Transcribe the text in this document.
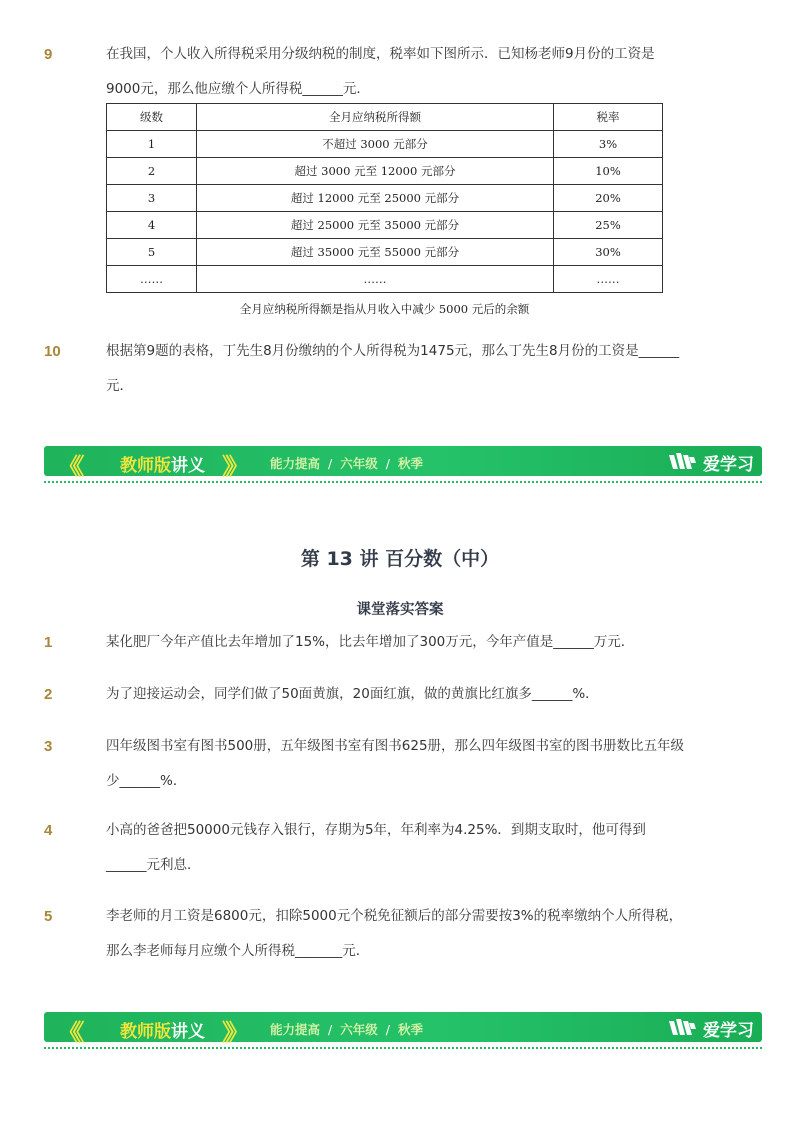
9	在我国，个人收入所得税采用分级纳税的制度，税率如下图所示．已知杨老师9月份的工资是

9000元，那么他应缴个人所得税______元．

级数	全月应纳税所得额	税率
1	不超过 3000 元部分	3%
2	超过 3000 元至 12000 元部分	10%
3	超过 12000 元至 25000 元部分	20%
4	超过 25000 元至 35000 元部分	25%
5	超过 35000 元至 55000 元部分	30%
……	……	……
全月应纳税所得额是指从月收入中减少 5000 元后的余额
10	根据第9题的表格，丁先生8月份缴纳的个人所得税为1475元，那么丁先生8月份的工资是______

元．

《《	教师版讲义 》》 能力提高 / 六年级 / 秋季	爱学习
第 13 讲 百分数（中）
课堂落实答案
1	某化肥厂今年产值比去年增加了15%，比去年增加了300万元，今年产值是______万元．

2	为了迎接运动会，同学们做了50面黄旗，20面红旗，做的黄旗比红旗多______%．

3	四年级图书室有图书500册，五年级图书室有图书625册，那么四年级图书室的图书册数比五年级

少______%．

4	小高的爸爸把50000元钱存入银行，存期为5年，年利率为4.25%．到期支取时，他可得到

______元利息．

5	李老师的月工资是6800元，扣除5000元个税免征额后的部分需要按3%的税率缴纳个人所得税，

那么李老师每月应缴个人所得税_______元．

《《	教师版讲义 》》 能力提高 / 六年级 / 秋季	爱学习
